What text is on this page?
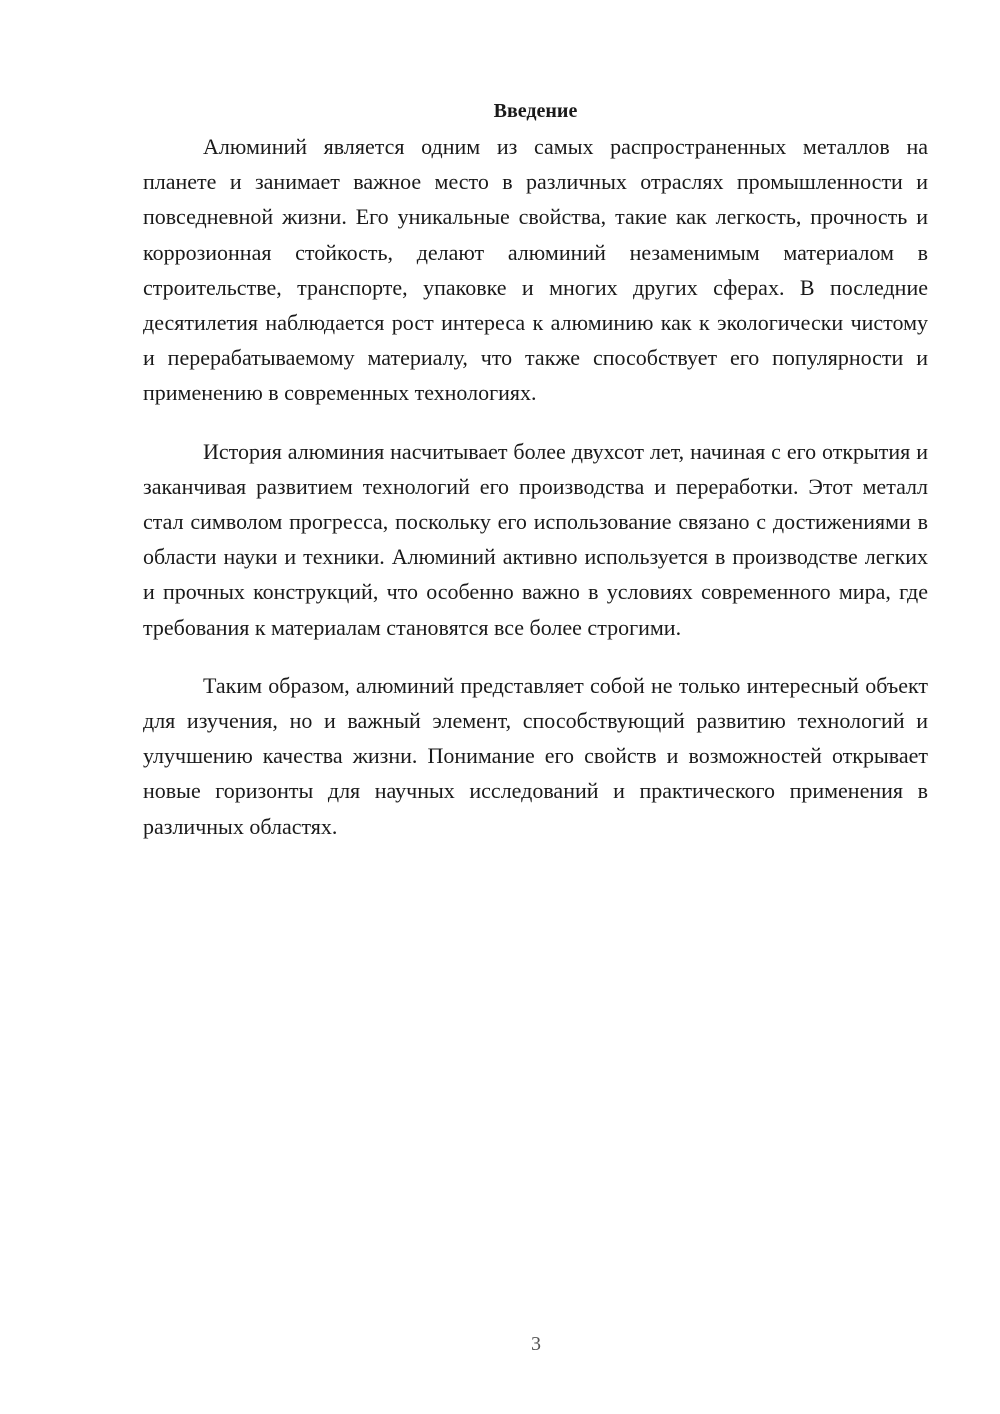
Введение

Алюминий является одним из самых распространенных металлов на планете и занимает важное место в различных отраслях промышленности и повседневной жизни. Его уникальные свойства, такие как легкость, прочность и коррозионная стойкость, делают алюминий незаменимым материалом в строительстве, транспорте, упаковке и многих других сферах. В последние десятилетия наблюдается рост интереса к алюминию как к экологически чистому и перерабатываемому материалу, что также способствует его популярности и применению в современных технологиях.

История алюминия насчитывает более двухсот лет, начиная с его открытия и заканчивая развитием технологий его производства и переработки. Этот металл стал символом прогресса, поскольку его использование связано с достижениями в области науки и техники. Алюминий активно используется в производстве легких и прочных конструкций, что особенно важно в условиях современного мира, где требования к материалам становятся все более строгими.

Таким образом, алюминий представляет собой не только интересный объект для изучения, но и важный элемент, способствующий развитию технологий и улучшению качества жизни. Понимание его свойств и возможностей открывает новые горизонты для научных исследований и практического применения в различных областях.

3
